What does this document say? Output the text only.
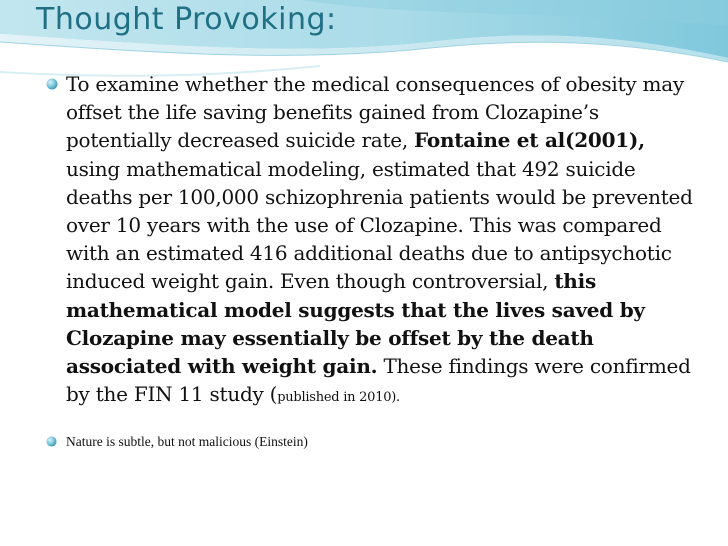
Thought Provoking:
To examine whether the medical consequences of obesity may offset the life saving benefits gained from Clozapine’s potentially decreased suicide rate, Fontaine et al(2001), using mathematical modeling, estimated that 492 suicide deaths per 100,000 schizophrenia patients would be prevented over 10 years with the use of Clozapine. This was compared with an estimated 416 additional deaths due to antipsychotic induced weight gain. Even though controversial, this mathematical model suggests that the lives saved by Clozapine may essentially be offset by the death associated with weight gain. These findings were confirmed by the FIN 11 study (published in 2010).
Nature is subtle, but not malicious (Einstein)
